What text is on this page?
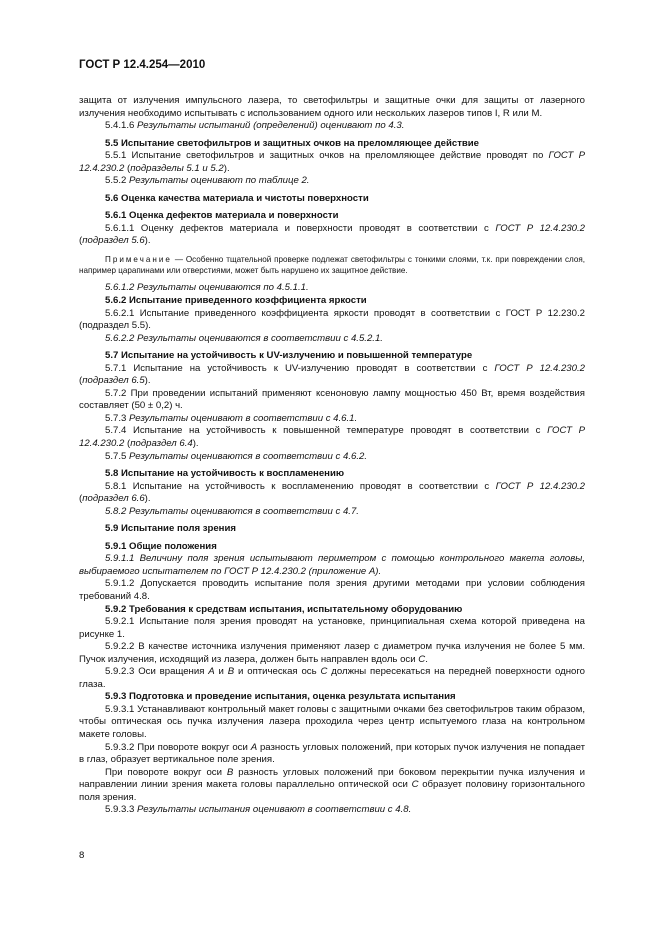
ГОСТ Р 12.4.254—2010

защита от излучения импульсного лазера, то светофильтры и защитные очки для защиты от лазерного излучения необходимо испытывать с использованием одного или нескольких лазеров типов I, R или M.

5.4.1.6 Результаты испытаний (определений) оценивают по 4.3.

5.5 Испытание светофильтров и защитных очков на преломляющее действие

5.5.1 Испытание светофильтров и защитных очков на преломляющее действие проводят по ГОСТ Р 12.4.230.2 (подразделы 5.1 и 5.2).

5.5.2 Результаты оценивают по таблице 2.

5.6 Оценка качества материала и чистоты поверхности

5.6.1 Оценка дефектов материала и поверхности

5.6.1.1 Оценку дефектов материала и поверхности проводят в соответствии с ГОСТ Р 12.4.230.2 (подраздел 5.6).

Примечание — Особенно тщательной проверке подлежат светофильтры с тонкими слоями, т.к. при повреждении слоя, например царапинами или отверстиями, может быть нарушено их защитное действие.

5.6.1.2 Результаты оцениваются по 4.5.1.1.

5.6.2 Испытание приведенного коэффициента яркости

5.6.2.1 Испытание приведенного коэффициента яркости проводят в соответствии с ГОСТ Р 12.230.2 (подраздел 5.5).

5.6.2.2 Результаты оцениваются в соответствии с 4.5.2.1.

5.7 Испытание на устойчивость к UV-излучению и повышенной температуре

5.7.1 Испытание на устойчивость к UV-излучению проводят в соответствии с ГОСТ Р 12.4.230.2 (подраздел 6.5).

5.7.2 При проведении испытаний применяют ксеноновую лампу мощностью 450 Вт, время воздействия составляет (50 ± 0,2) ч.

5.7.3 Результаты оценивают в соответствии с 4.6.1.

5.7.4 Испытание на устойчивость к повышенной температуре проводят в соответствии с ГОСТ Р 12.4.230.2 (подраздел 6.4).

5.7.5 Результаты оцениваются в соответствии с 4.6.2.

5.8 Испытание на устойчивость к воспламенению

5.8.1 Испытание на устойчивость к воспламенению проводят в соответствии с ГОСТ Р 12.4.230.2 (подраздел 6.6).

5.8.2 Результаты оцениваются в соответствии с 4.7.

5.9 Испытание поля зрения

5.9.1 Общие положения

5.9.1.1 Величину поля зрения испытывают периметром с помощью контрольного макета головы, выбираемого испытателем по ГОСТ Р 12.4.230.2 (приложение А).

5.9.1.2 Допускается проводить испытание поля зрения другими методами при условии соблюдения требований 4.8.

5.9.2 Требования к средствам испытания, испытательному оборудованию

5.9.2.1 Испытание поля зрения проводят на установке, принципиальная схема которой приведена на рисунке 1.

5.9.2.2 В качестве источника излучения применяют лазер с диаметром пучка излучения не более 5 мм. Пучок излучения, исходящий из лазера, должен быть направлен вдоль оси С.

5.9.2.3 Оси вращения А и В и оптическая ось С должны пересекаться на передней поверхности одного глаза.

5.9.3 Подготовка и проведение испытания, оценка результата испытания

5.9.3.1 Устанавливают контрольный макет головы с защитными очками без светофильтров таким образом, чтобы оптическая ось пучка излучения лазера проходила через центр испытуемого глаза на контрольном макете головы.

5.9.3.2 При повороте вокруг оси А разность угловых положений, при которых пучок излучения не попадает в глаз, образует вертикальное поле зрения.

При повороте вокруг оси В разность угловых положений при боковом перекрытии пучка излучения и направлении линии зрения макета головы параллельно оптической оси С образует половину горизонтального поля зрения.

5.9.3.3 Результаты испытания оценивают в соответствии с 4.8.

8
